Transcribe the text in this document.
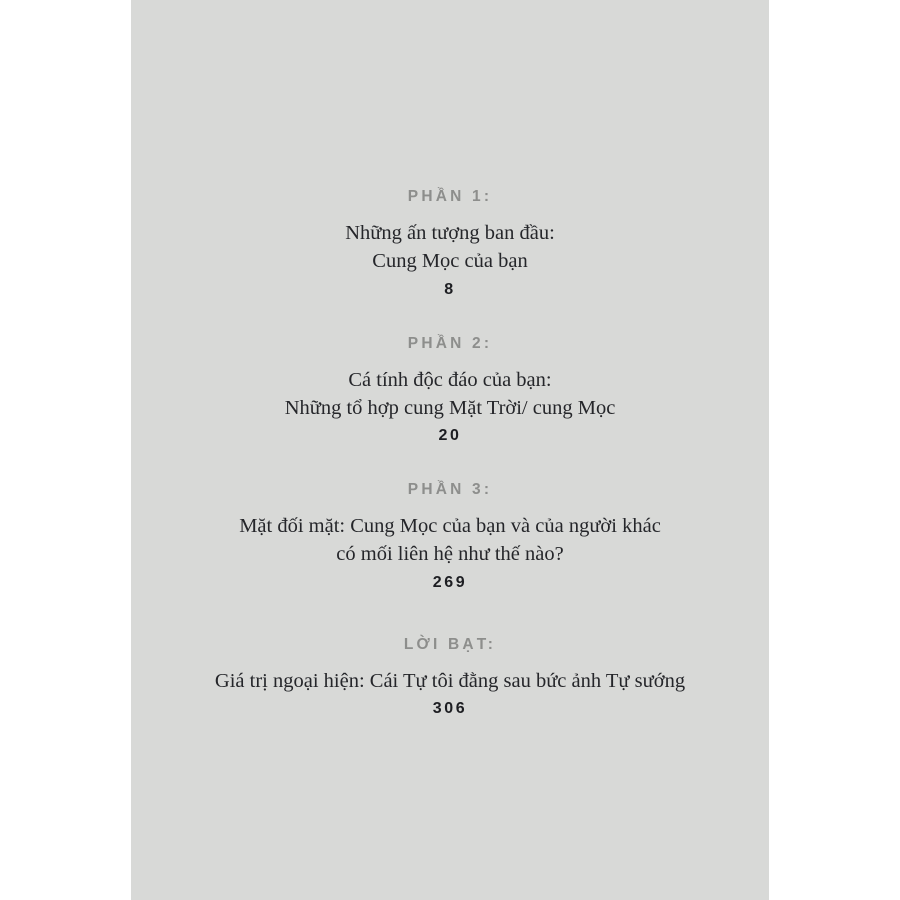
PHẦN 1:
Những ấn tượng ban đầu:
Cung Mọc của bạn
8
PHẦN 2:
Cá tính độc đáo của bạn:
Những tổ hợp cung Mặt Trời/ cung Mọc
20
PHẦN 3:
Mặt đối mặt: Cung Mọc của bạn và của người khác
có mối liên hệ như thế nào?
269
LỜI BẠT:
Giá trị ngoại hiện: Cái Tự tôi đằng sau bức ảnh Tự sướng
306
